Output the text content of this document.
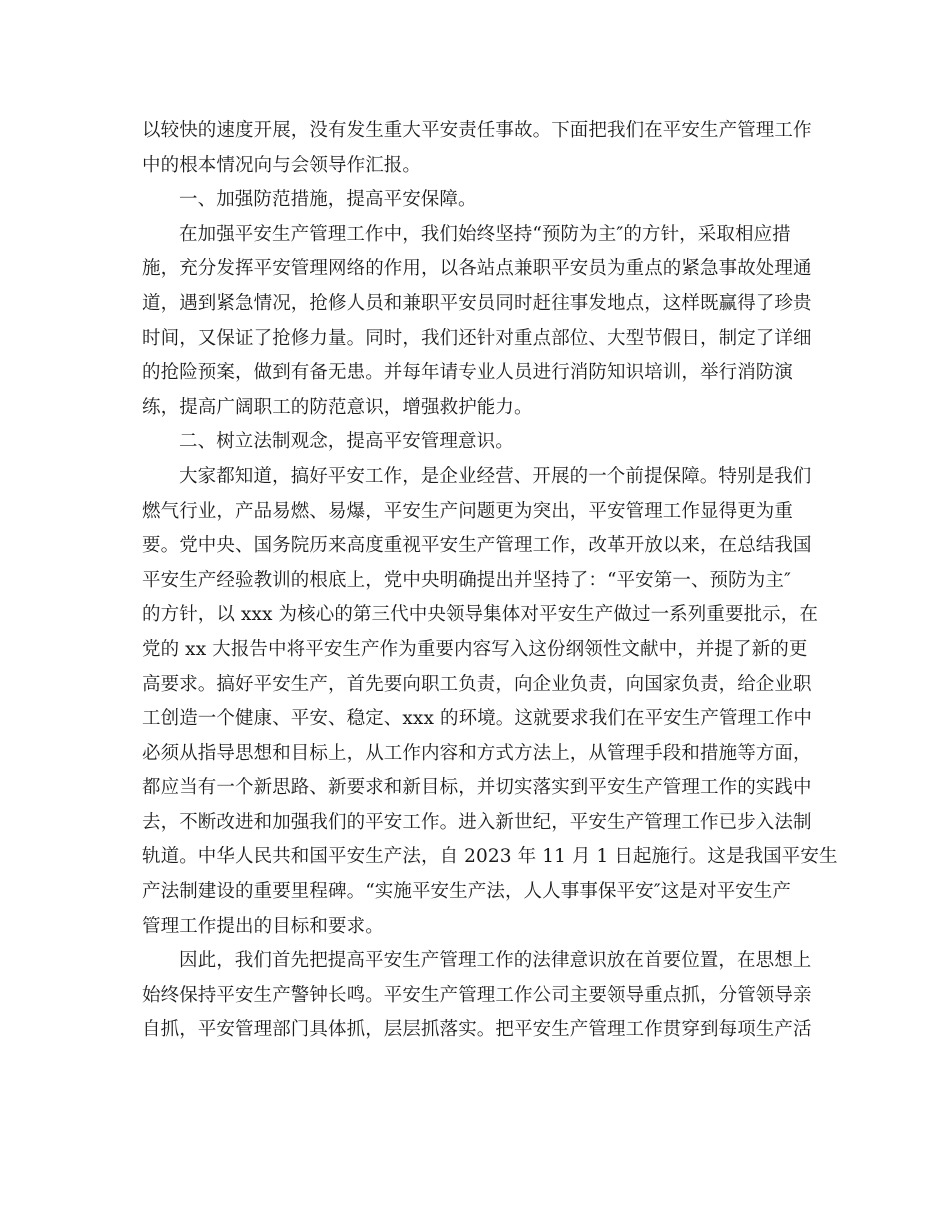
以较快的速度开展，没有发生重大平安责任事故。下面把我们在平安生产管理工作
中的根本情况向与会领导作汇报。
一、加强防范措施，提高平安保障。
在加强平安生产管理工作中，我们始终坚持“预防为主″的方针，采取相应措
施，充分发挥平安管理网络的作用，以各站点兼职平安员为重点的紧急事故处理通
道，遇到紧急情况，抢修人员和兼职平安员同时赶往事发地点，这样既赢得了珍贵
时间，又保证了抢修力量。同时，我们还针对重点部位、大型节假日，制定了详细
的抢险预案，做到有备无患。并每年请专业人员进行消防知识培训，举行消防演
练，提高广阔职工的防范意识，增强救护能力。
二、树立法制观念，提高平安管理意识。
大家都知道，搞好平安工作，是企业经营、开展的一个前提保障。特别是我们
燃气行业，产品易燃、易爆，平安生产问题更为突出，平安管理工作显得更为重
要。党中央、国务院历来高度重视平安生产管理工作，改革开放以来，在总结我国
平安生产经验教训的根底上，党中央明确提出并坚持了：“平安第一、预防为主″
的方针，以 xxx 为核心的第三代中央领导集体对平安生产做过一系列重要批示，在
党的 xx 大报告中将平安生产作为重要内容写入这份纲领性文献中，并提了新的更
高要求。搞好平安生产，首先要向职工负责，向企业负责，向国家负责，给企业职
工创造一个健康、平安、稳定、xxx 的环境。这就要求我们在平安生产管理工作中
必须从指导思想和目标上，从工作内容和方式方法上，从管理手段和措施等方面，
都应当有一个新思路、新要求和新目标，并切实落实到平安生产管理工作的实践中
去，不断改进和加强我们的平安工作。进入新世纪，平安生产管理工作已步入法制
轨道。中华人民共和国平安生产法，自 2023 年 11 月 1 日起施行。这是我国平安生
产法制建设的重要里程碑。“实施平安生产法，人人事事保平安″这是对平安生产
管理工作提出的目标和要求。
因此，我们首先把提高平安生产管理工作的法律意识放在首要位置，在思想上
始终保持平安生产警钟长鸣。平安生产管理工作公司主要领导重点抓，分管领导亲
自抓，平安管理部门具体抓，层层抓落实。把平安生产管理工作贯穿到每项生产活
